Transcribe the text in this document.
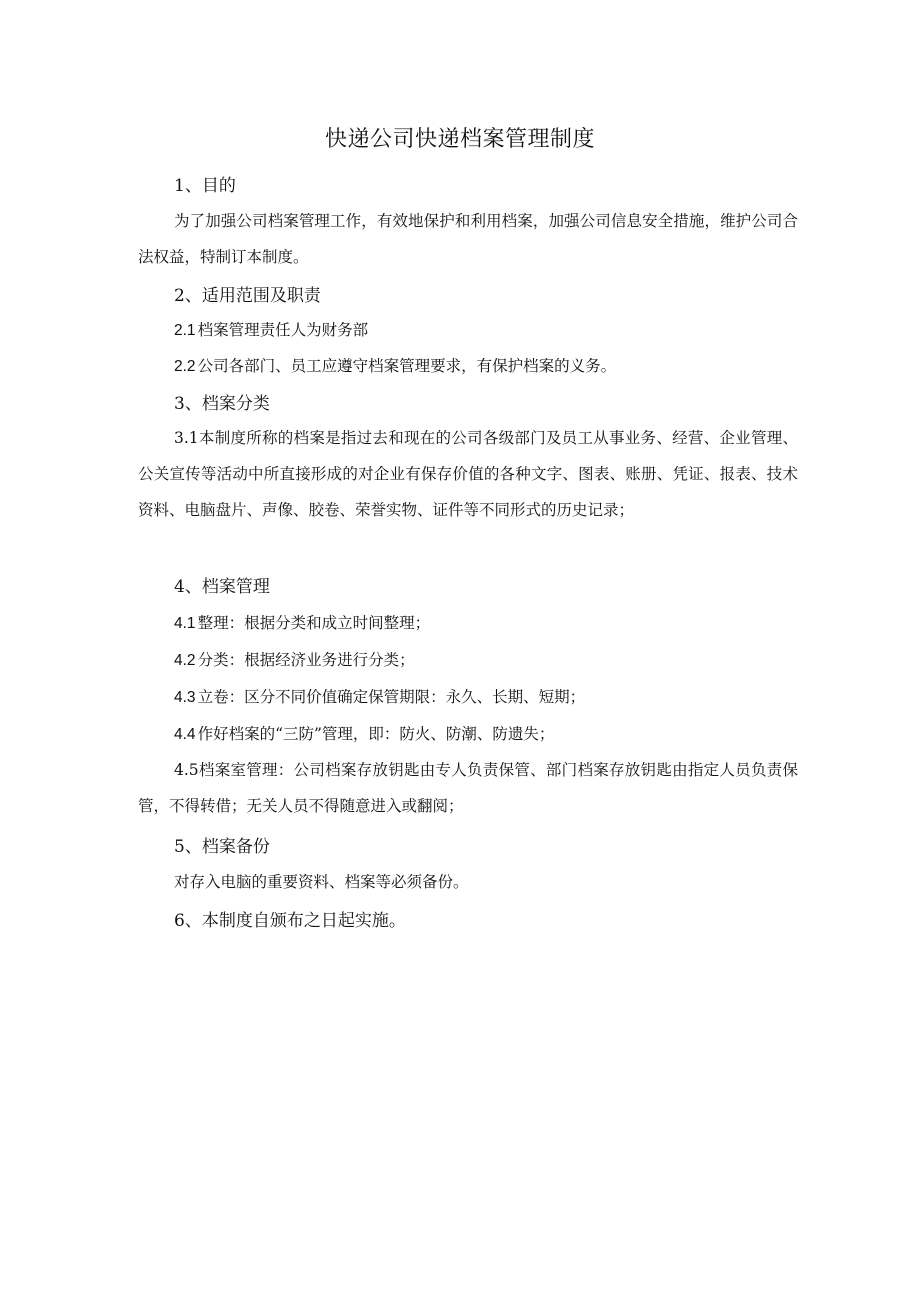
快递公司快递档案管理制度
1、目的
为了加强公司档案管理工作，有效地保护和利用档案，加强公司信息安全措施，维护公司合法权益，特制订本制度。
2、适用范围及职责
2.1 档案管理责任人为财务部
2.2 公司各部门、员工应遵守档案管理要求，有保护档案的义务。
3、档案分类
3.1本制度所称的档案是指过去和现在的公司各级部门及员工从事业务、经营、企业管理、公关宣传等活动中所直接形成的对企业有保存价值的各种文字、图表、账册、凭证、报表、技术资料、电脑盘片、声像、胶卷、荣誉实物、证件等不同形式的历史记录；
4、档案管理
4.1 整理：根据分类和成立时间整理；
4.2 分类：根据经济业务进行分类；
4.3 立卷：区分不同价值确定保管期限：永久、长期、短期；
4.4 作好档案的“三防”管理，即：防火、防潮、防遗失；
4.5档案室管理：公司档案存放钥匙由专人负责保管、部门档案存放钥匙由指定人员负责保管，不得转借；无关人员不得随意进入或翻阅；
5、档案备份
对存入电脑的重要资料、档案等必须备份。
6、本制度自颁布之日起实施。
